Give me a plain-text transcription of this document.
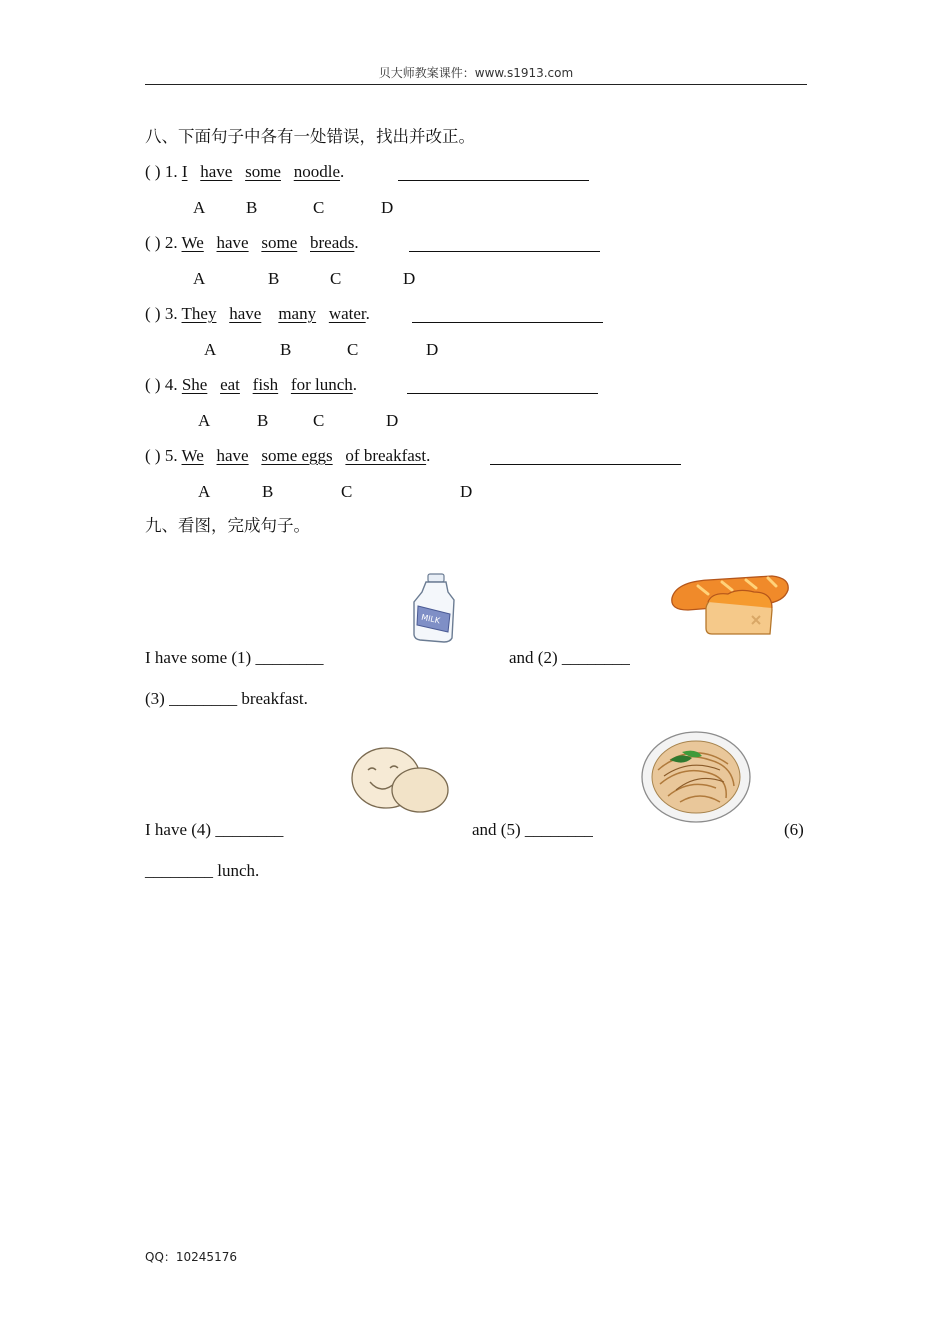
贝大师教案课件：www.s1913.com
八、下面句子中各有一处错误，找出并改正。
( ) 1. I have some noodle.
A B	C	D
( ) 2. We have some breads.
A	B	C	D
( ) 3. They have many water.
A	B	C	D
( ) 4. She eat fish for lunch.
A	B	C	D
( ) 5. We have some eggs of breakfast.
A	B	C	D
九、看图，完成句子。
MILK
I have some (1) ________	and (2) ________
(3) ________ breakfast.
I have (4) ________	and (5) ________	(6)
________ lunch.
QQ：10245176
